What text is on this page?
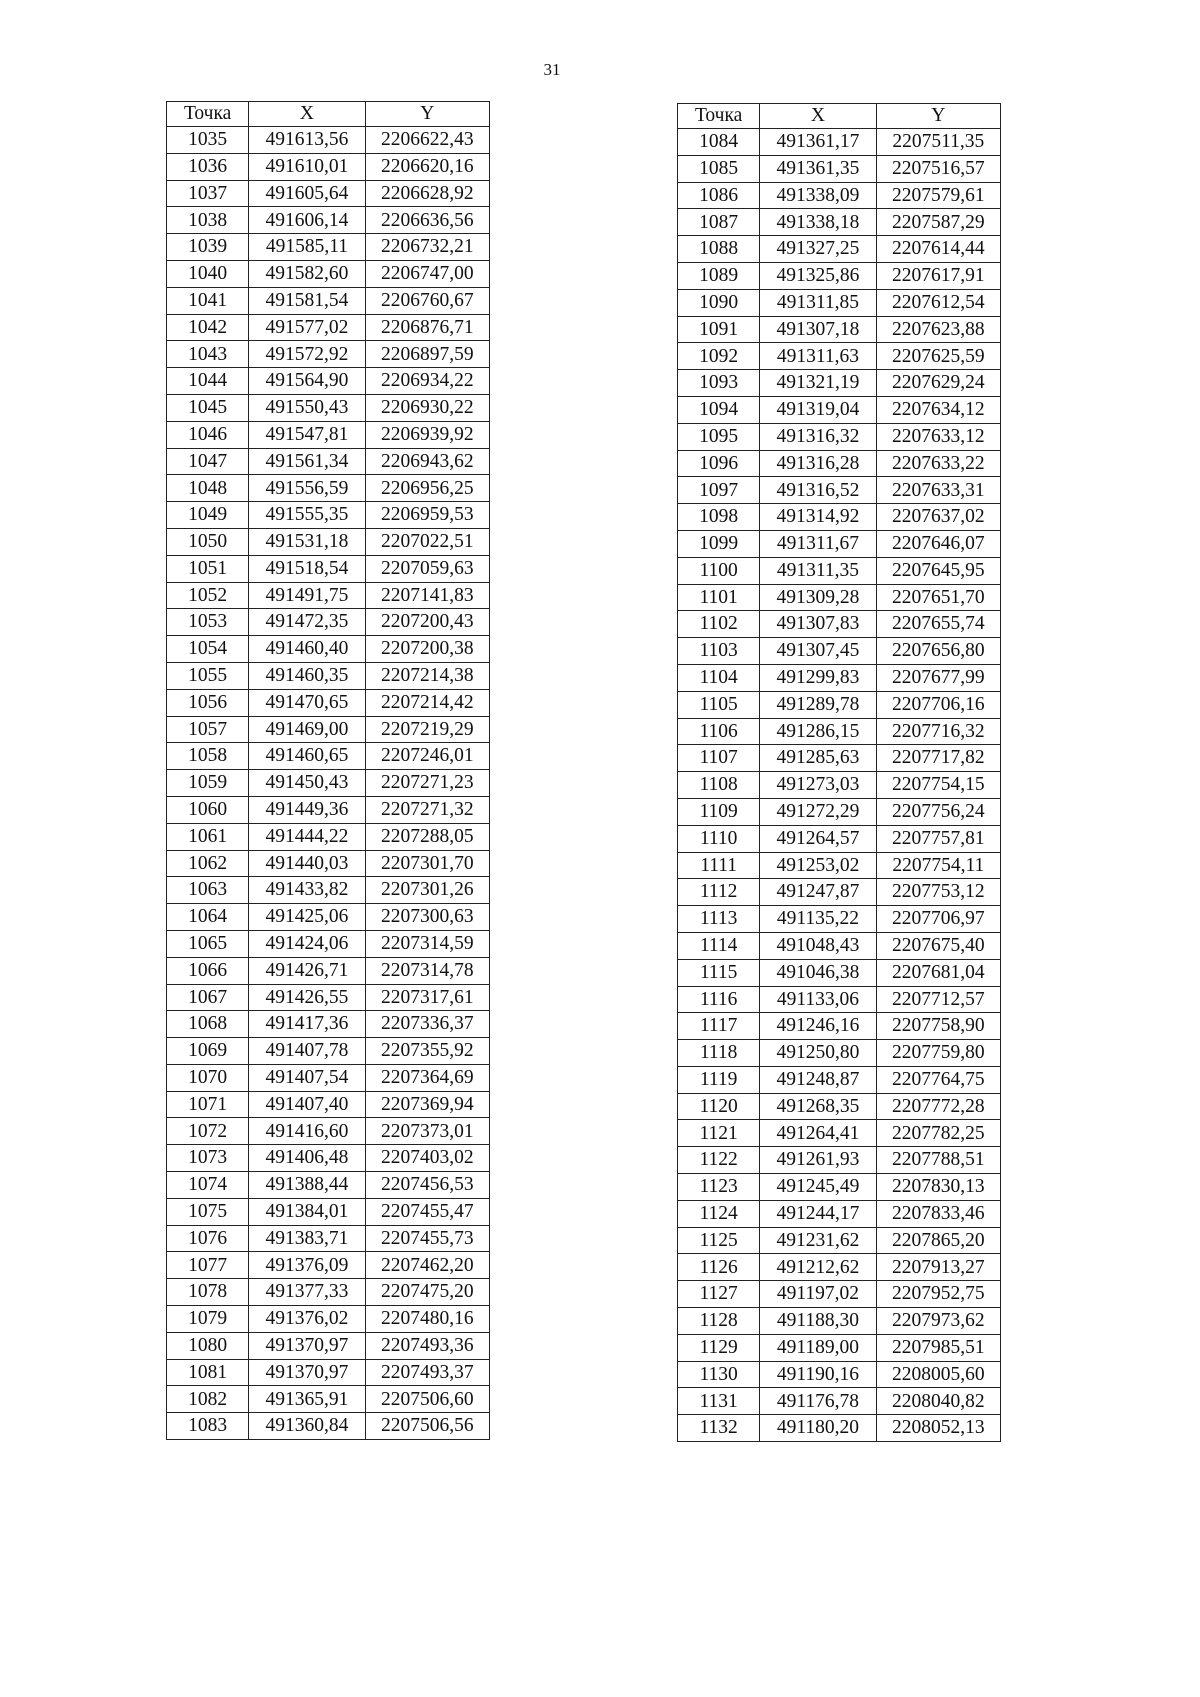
31
Точка	X	Y
1035	491613,56	2206622,43
1036	491610,01	2206620,16
1037	491605,64	2206628,92
1038	491606,14	2206636,56
1039	491585,11	2206732,21
1040	491582,60	2206747,00
1041	491581,54	2206760,67
1042	491577,02	2206876,71
1043	491572,92	2206897,59
1044	491564,90	2206934,22
1045	491550,43	2206930,22
1046	491547,81	2206939,92
1047	491561,34	2206943,62
1048	491556,59	2206956,25
1049	491555,35	2206959,53
1050	491531,18	2207022,51
1051	491518,54	2207059,63
1052	491491,75	2207141,83
1053	491472,35	2207200,43
1054	491460,40	2207200,38
1055	491460,35	2207214,38
1056	491470,65	2207214,42
1057	491469,00	2207219,29
1058	491460,65	2207246,01
1059	491450,43	2207271,23
1060	491449,36	2207271,32
1061	491444,22	2207288,05
1062	491440,03	2207301,70
1063	491433,82	2207301,26
1064	491425,06	2207300,63
1065	491424,06	2207314,59
1066	491426,71	2207314,78
1067	491426,55	2207317,61
1068	491417,36	2207336,37
1069	491407,78	2207355,92
1070	491407,54	2207364,69
1071	491407,40	2207369,94
1072	491416,60	2207373,01
1073	491406,48	2207403,02
1074	491388,44	2207456,53
1075	491384,01	2207455,47
1076	491383,71	2207455,73
1077	491376,09	2207462,20
1078	491377,33	2207475,20
1079	491376,02	2207480,16
1080	491370,97	2207493,36
1081	491370,97	2207493,37
1082	491365,91	2207506,60
1083	491360,84	2207506,56
Точка	X	Y
1084	491361,17	2207511,35
1085	491361,35	2207516,57
1086	491338,09	2207579,61
1087	491338,18	2207587,29
1088	491327,25	2207614,44
1089	491325,86	2207617,91
1090	491311,85	2207612,54
1091	491307,18	2207623,88
1092	491311,63	2207625,59
1093	491321,19	2207629,24
1094	491319,04	2207634,12
1095	491316,32	2207633,12
1096	491316,28	2207633,22
1097	491316,52	2207633,31
1098	491314,92	2207637,02
1099	491311,67	2207646,07
1100	491311,35	2207645,95
1101	491309,28	2207651,70
1102	491307,83	2207655,74
1103	491307,45	2207656,80
1104	491299,83	2207677,99
1105	491289,78	2207706,16
1106	491286,15	2207716,32
1107	491285,63	2207717,82
1108	491273,03	2207754,15
1109	491272,29	2207756,24
1110	491264,57	2207757,81
1111	491253,02	2207754,11
1112	491247,87	2207753,12
1113	491135,22	2207706,97
1114	491048,43	2207675,40
1115	491046,38	2207681,04
1116	491133,06	2207712,57
1117	491246,16	2207758,90
1118	491250,80	2207759,80
1119	491248,87	2207764,75
1120	491268,35	2207772,28
1121	491264,41	2207782,25
1122	491261,93	2207788,51
1123	491245,49	2207830,13
1124	491244,17	2207833,46
1125	491231,62	2207865,20
1126	491212,62	2207913,27
1127	491197,02	2207952,75
1128	491188,30	2207973,62
1129	491189,00	2207985,51
1130	491190,16	2208005,60
1131	491176,78	2208040,82
1132	491180,20	2208052,13
